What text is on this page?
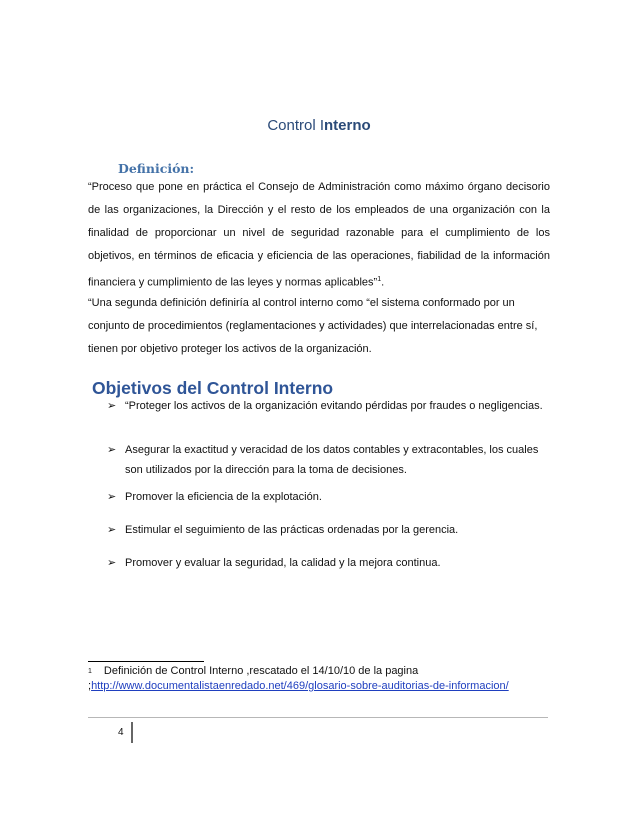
Control Interno
Definición:
“Proceso que pone en práctica el Consejo de Administración como máximo órgano decisorio de las organizaciones, la Dirección y el resto de los empleados de una organización con la finalidad de proporcionar un nivel de seguridad razonable para el cumplimiento de los objetivos, en términos de eficacia y eficiencia de las operaciones, fiabilidad de la información financiera y cumplimiento de las leyes y normas aplicables”$^1$.
“Una segunda definición definiría al control interno como “el sistema conformado por un conjunto de procedimientos (reglamentaciones y actividades) que interrelacionadas entre sí, tienen por objetivo proteger los activos de la organización.
Objetivos del Control Interno
➢ “Proteger los activos de la organización evitando pérdidas por fraudes o negligencias.
➢ Asegurar la exactitud y veracidad de los datos contables y extracontables, los cuales son utilizados por la dirección para la toma de decisiones.
➢ Promover la eficiencia de la explotación.
➢ Estimular el seguimiento de las prácticas ordenadas por la gerencia.
➢ Promover y evaluar la seguridad, la calidad y la mejora continua.
$^1$ Definición de Control Interno ,rescatado el 14/10/10 de la pagina ;http://www.documentalistaenredado.net/469/glosario-sobre-auditorias-de-informacion/
4
